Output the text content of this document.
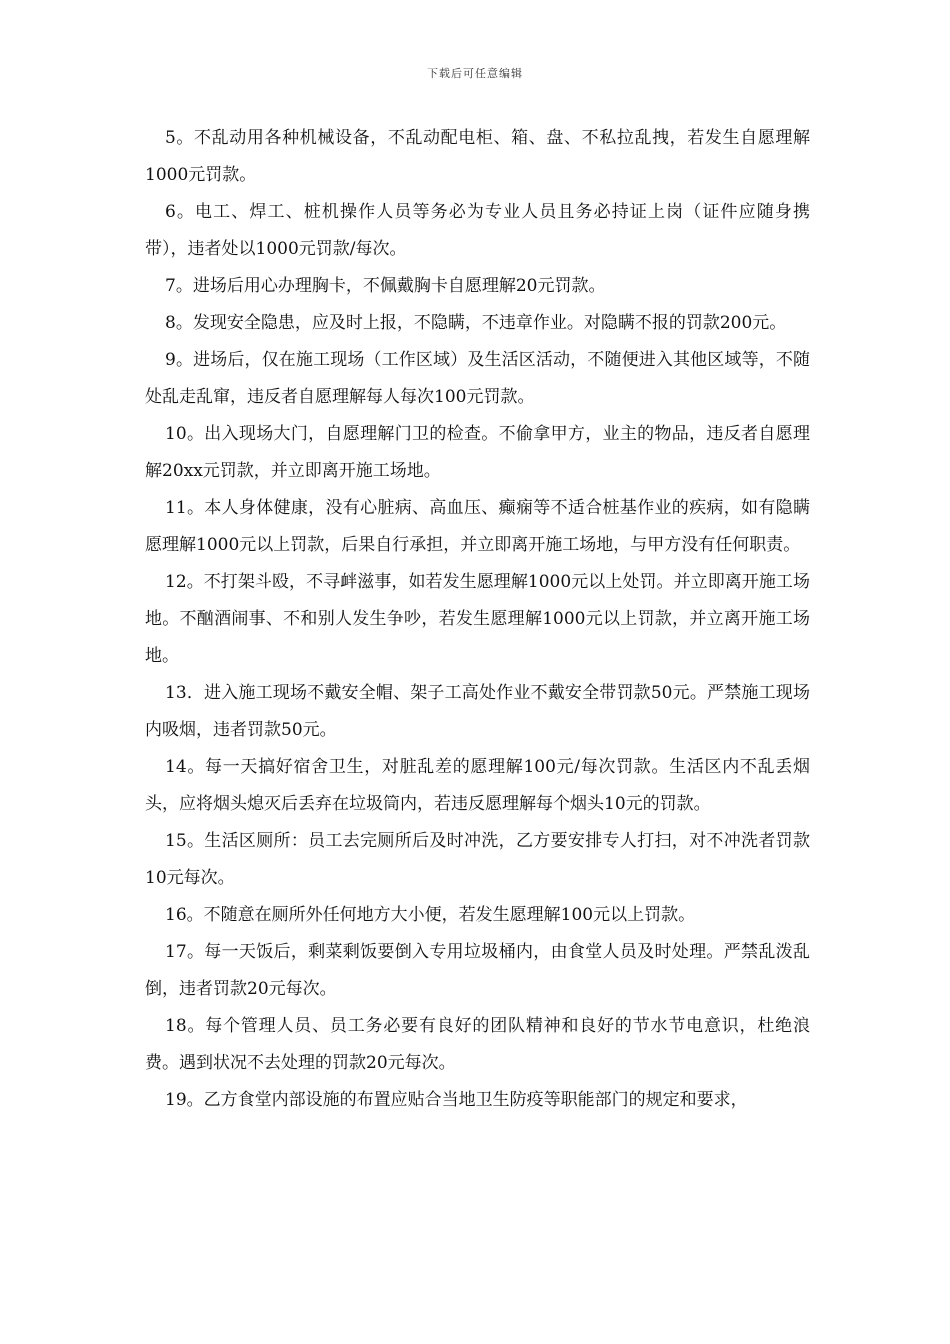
下载后可任意编辑

5。不乱动用各种机械设备，不乱动配电柜、箱、盘、不私拉乱拽，若发生自愿理解1000元罚款。

6。电工、焊工、桩机操作人员等务必为专业人员且务必持证上岗（证件应随身携带），违者处以1000元罚款/每次。

7。进场后用心办理胸卡，不佩戴胸卡自愿理解20元罚款。

8。发现安全隐患，应及时上报，不隐瞒，不违章作业。对隐瞒不报的罚款200元。

9。进场后，仅在施工现场（工作区域）及生活区活动，不随便进入其他区域等，不随处乱走乱窜，违反者自愿理解每人每次100元罚款。

10。出入现场大门，自愿理解门卫的检查。不偷拿甲方，业主的物品，违反者自愿理解20xx元罚款，并立即离开施工场地。

11。本人身体健康，没有心脏病、高血压、癫痫等不适合桩基作业的疾病，如有隐瞒愿理解1000元以上罚款，后果自行承担，并立即离开施工场地，与甲方没有任何职责。

12。不打架斗殴，不寻衅滋事，如若发生愿理解1000元以上处罚。并立即离开施工场地。不酗酒闹事、不和别人发生争吵，若发生愿理解1000元以上罚款，并立离开施工场地。

13．进入施工现场不戴安全帽、架子工高处作业不戴安全带罚款50元。严禁施工现场内吸烟，违者罚款50元。

14。每一天搞好宿舍卫生，对脏乱差的愿理解100元/每次罚款。生活区内不乱丢烟头，应将烟头熄灭后丢弃在垃圾筒内，若违反愿理解每个烟头10元的罚款。

15。生活区厕所：员工去完厕所后及时冲洗，乙方要安排专人打扫，对不冲洗者罚款10元每次。

16。不随意在厕所外任何地方大小便，若发生愿理解100元以上罚款。

17。每一天饭后，剩菜剩饭要倒入专用垃圾桶内，由食堂人员及时处理。严禁乱泼乱倒，违者罚款20元每次。

18。每个管理人员、员工务必要有良好的团队精神和良好的节水节电意识，杜绝浪费。遇到状况不去处理的罚款20元每次。

19。乙方食堂内部设施的布置应贴合当地卫生防疫等职能部门的规定和要求，
